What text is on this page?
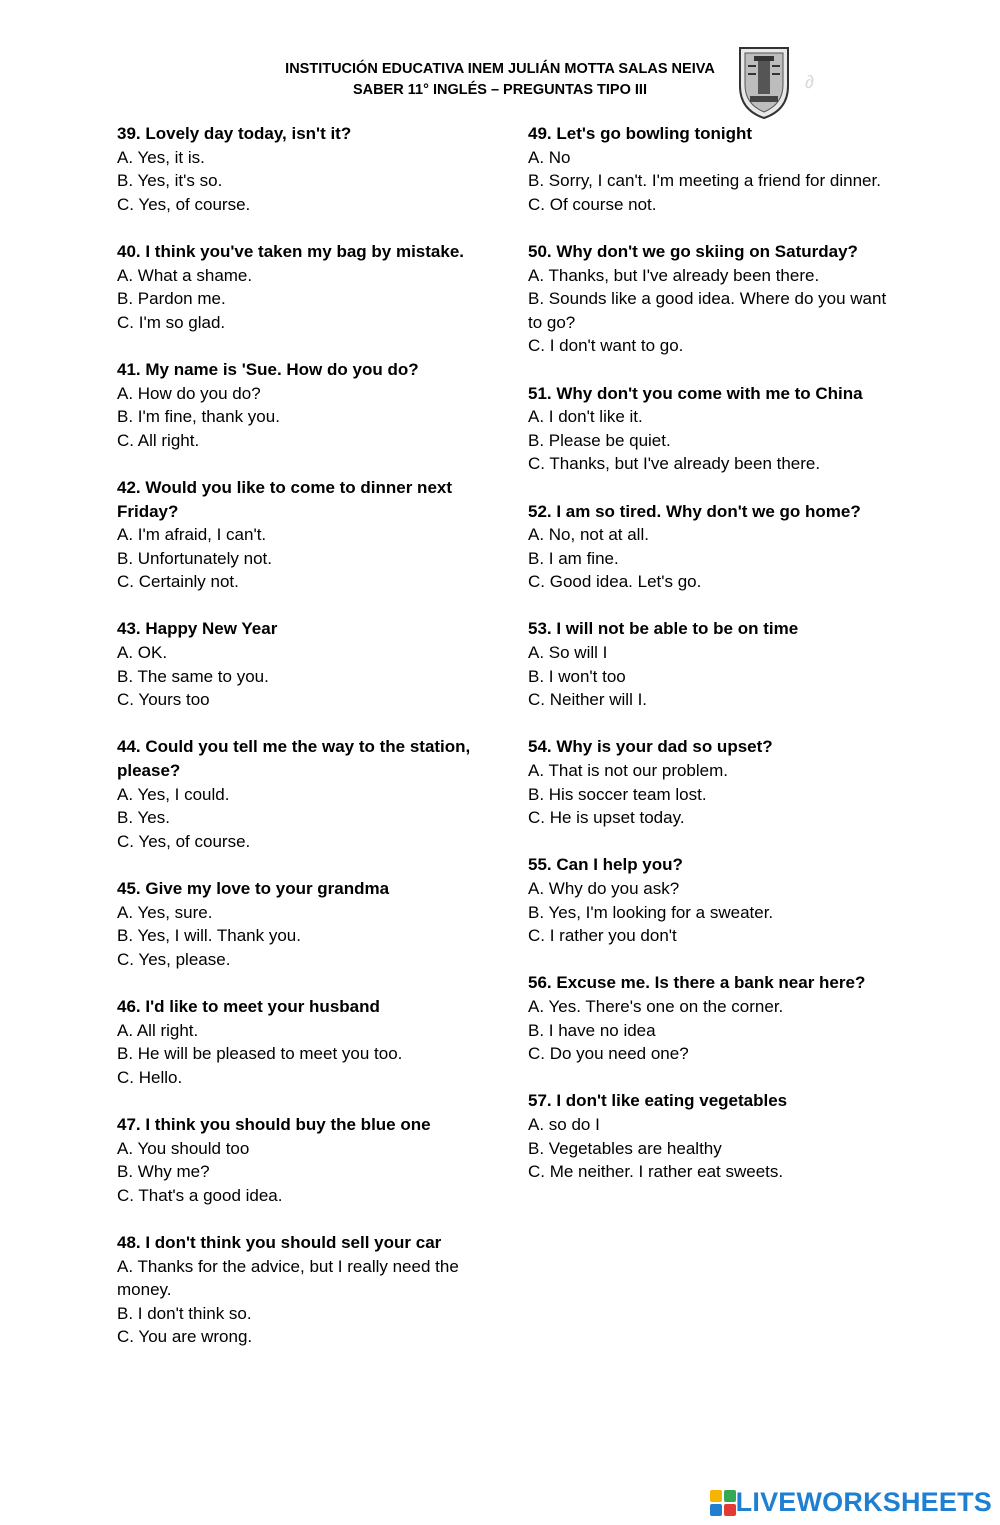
INSTITUCIÓN EDUCATIVA INEM JULIÁN MOTTA SALAS NEIVA
SABER 11° INGLÉS – PREGUNTAS TIPO III	∂
39. Lovely day today, isn't it?
A. Yes, it is.
B. Yes, it's so.
C. Yes, of course.
40. I think you've taken my bag by mistake.
A. What a shame.
B. Pardon me.
C. I'm so glad.
41. My name is 'Sue. How do you do?
A. How do you do?
B. I'm fine, thank you.
C. All right.
42. Would you like to come to dinner next Friday?
A. I'm afraid, I can't.
B. Unfortunately not.
C. Certainly not.
43. Happy New Year
A. OK.
B. The same to you.
C. Yours too
44. Could you tell me the way to the station, please?
A. Yes, I could.
B. Yes.
C. Yes, of course.
45. Give my love to your grandma
A. Yes, sure.
B. Yes, I will. Thank you.
C. Yes, please.
46. I'd like to meet your husband
A. All right.
B. He will be pleased to meet you too.
C. Hello.
47. I think you should buy the blue one
A. You should too
B. Why me?
C. That's a good idea.
48. I don't think you should sell your car
A. Thanks for the advice, but I really need the money.
B. I don't think so.
C. You are wrong.
49. Let's go bowling tonight
A. No
B. Sorry, I can't. I'm meeting a friend for dinner.
C. Of course not.
50. Why don't we go skiing on Saturday?
A. Thanks, but I've already been there.
B. Sounds like a good idea. Where do you want to go?
C. I don't want to go.
51. Why don't you come with me to China
A. I don't like it.
B. Please be quiet.
C. Thanks, but I've already been there.
52. I am so tired. Why don't we go home?
A. No, not at all.
B. I am fine.
C. Good idea. Let's go.
53. I will not be able to be on time
A. So will I
B. I won't too
C. Neither will I.
54. Why is your dad so upset?
A. That is not our problem.
B. His soccer team lost.
C. He is upset today.
55. Can I help you?
A. Why do you ask?
B. Yes, I'm looking for a sweater.
C. I rather you don't
56. Excuse me. Is there a bank near here?
A. Yes. There's one on the corner.
B. I have no idea
C. Do you need one?
57. I don't like eating vegetables
A. so do I
B. Vegetables are healthy
C. Me neither. I rather eat sweets.
LIVEWORKSHEETS
